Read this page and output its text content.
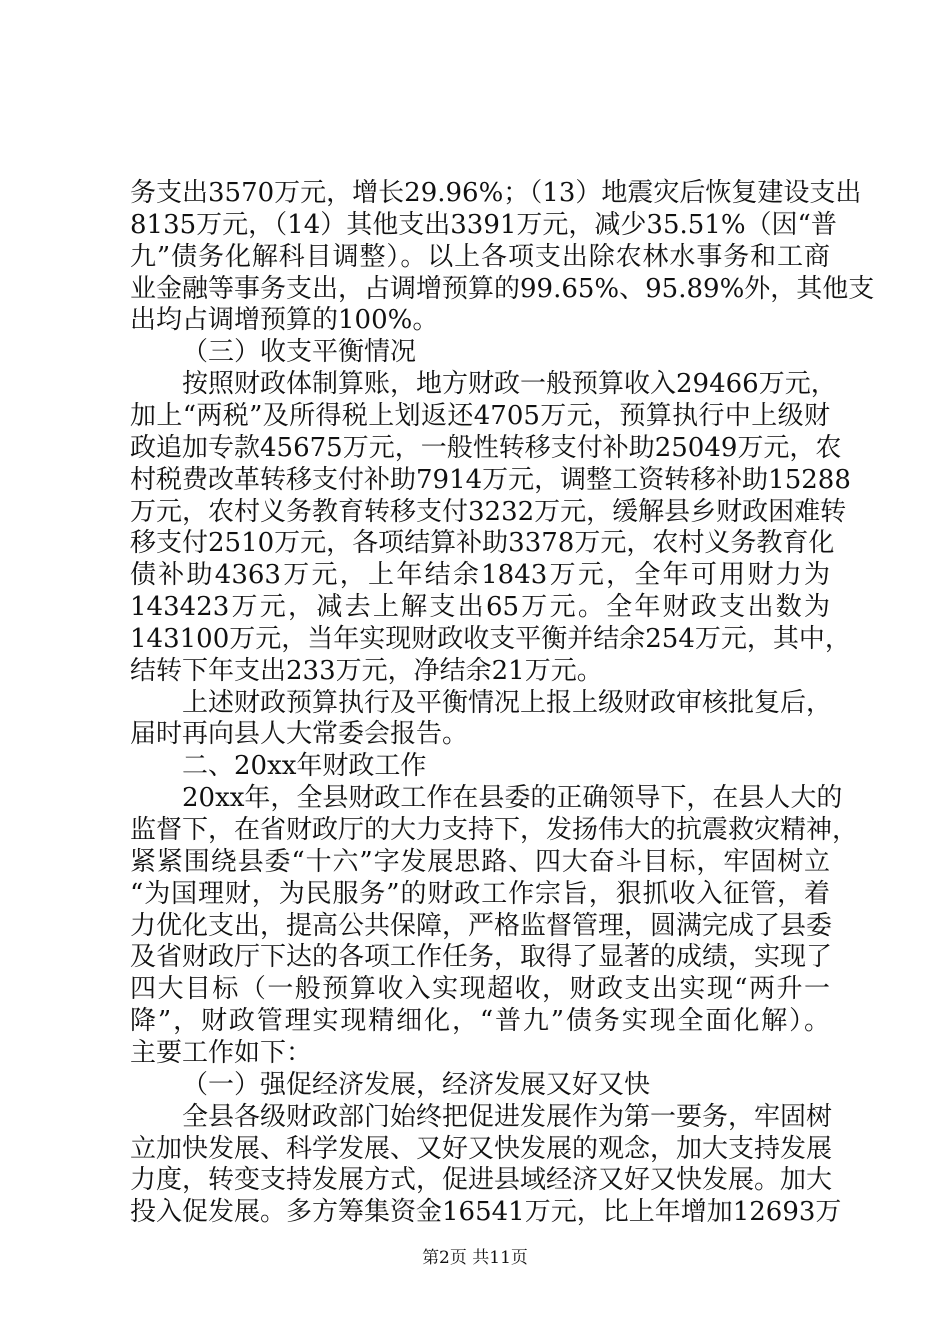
第2页 共11页
务支出3570万元，增长29.96%；（13）地震灾后恢复建设支出
8135万元，（14）其他支出3391万元，减少35.51%（因“普
九”债务化解科目调整）。以上各项支出除农林水事务和工商
业金融等事务支出，占调增预算的99.65%、95.89%外，其他支
出均占调增预算的100%。
（三）收支平衡情况
按照财政体制算账，地方财政一般预算收入29466万元，
加上“两税”及所得税上划返还4705万元，预算执行中上级财
政追加专款45675万元，一般性转移支付补助25049万元，农
村税费改革转移支付补助7914万元，调整工资转移补助15288
万元，农村义务教育转移支付3232万元，缓解县乡财政困难转
移支付2510万元，各项结算补助3378万元，农村义务教育化
债补助4363万元，上年结余1843万元，全年可用财力为
143423万元，减去上解支出65万元。全年财政支出数为
143100万元，当年实现财政收支平衡并结余254万元，其中，
结转下年支出233万元，净结余21万元。
上述财政预算执行及平衡情况上报上级财政审核批复后，
届时再向县人大常委会报告。
二、20xx年财政工作
20xx年，全县财政工作在县委的正确领导下，在县人大的
监督下，在省财政厅的大力支持下，发扬伟大的抗震救灾精神，
紧紧围绕县委“十六”字发展思路、四大奋斗目标，牢固树立
“为国理财，为民服务”的财政工作宗旨，狠抓收入征管，着
力优化支出，提高公共保障，严格监督管理，圆满完成了县委
及省财政厅下达的各项工作任务，取得了显著的成绩，实现了
四大目标（一般预算收入实现超收，财政支出实现“两升一
降”，财政管理实现精细化，“普九”债务实现全面化解）。
主要工作如下：
（一）强促经济发展，经济发展又好又快
全县各级财政部门始终把促进发展作为第一要务，牢固树
立加快发展、科学发展、又好又快发展的观念，加大支持发展
力度，转变支持发展方式，促进县域经济又好又快发展。加大
投入促发展。多方筹集资金16541万元，比上年增加12693万
